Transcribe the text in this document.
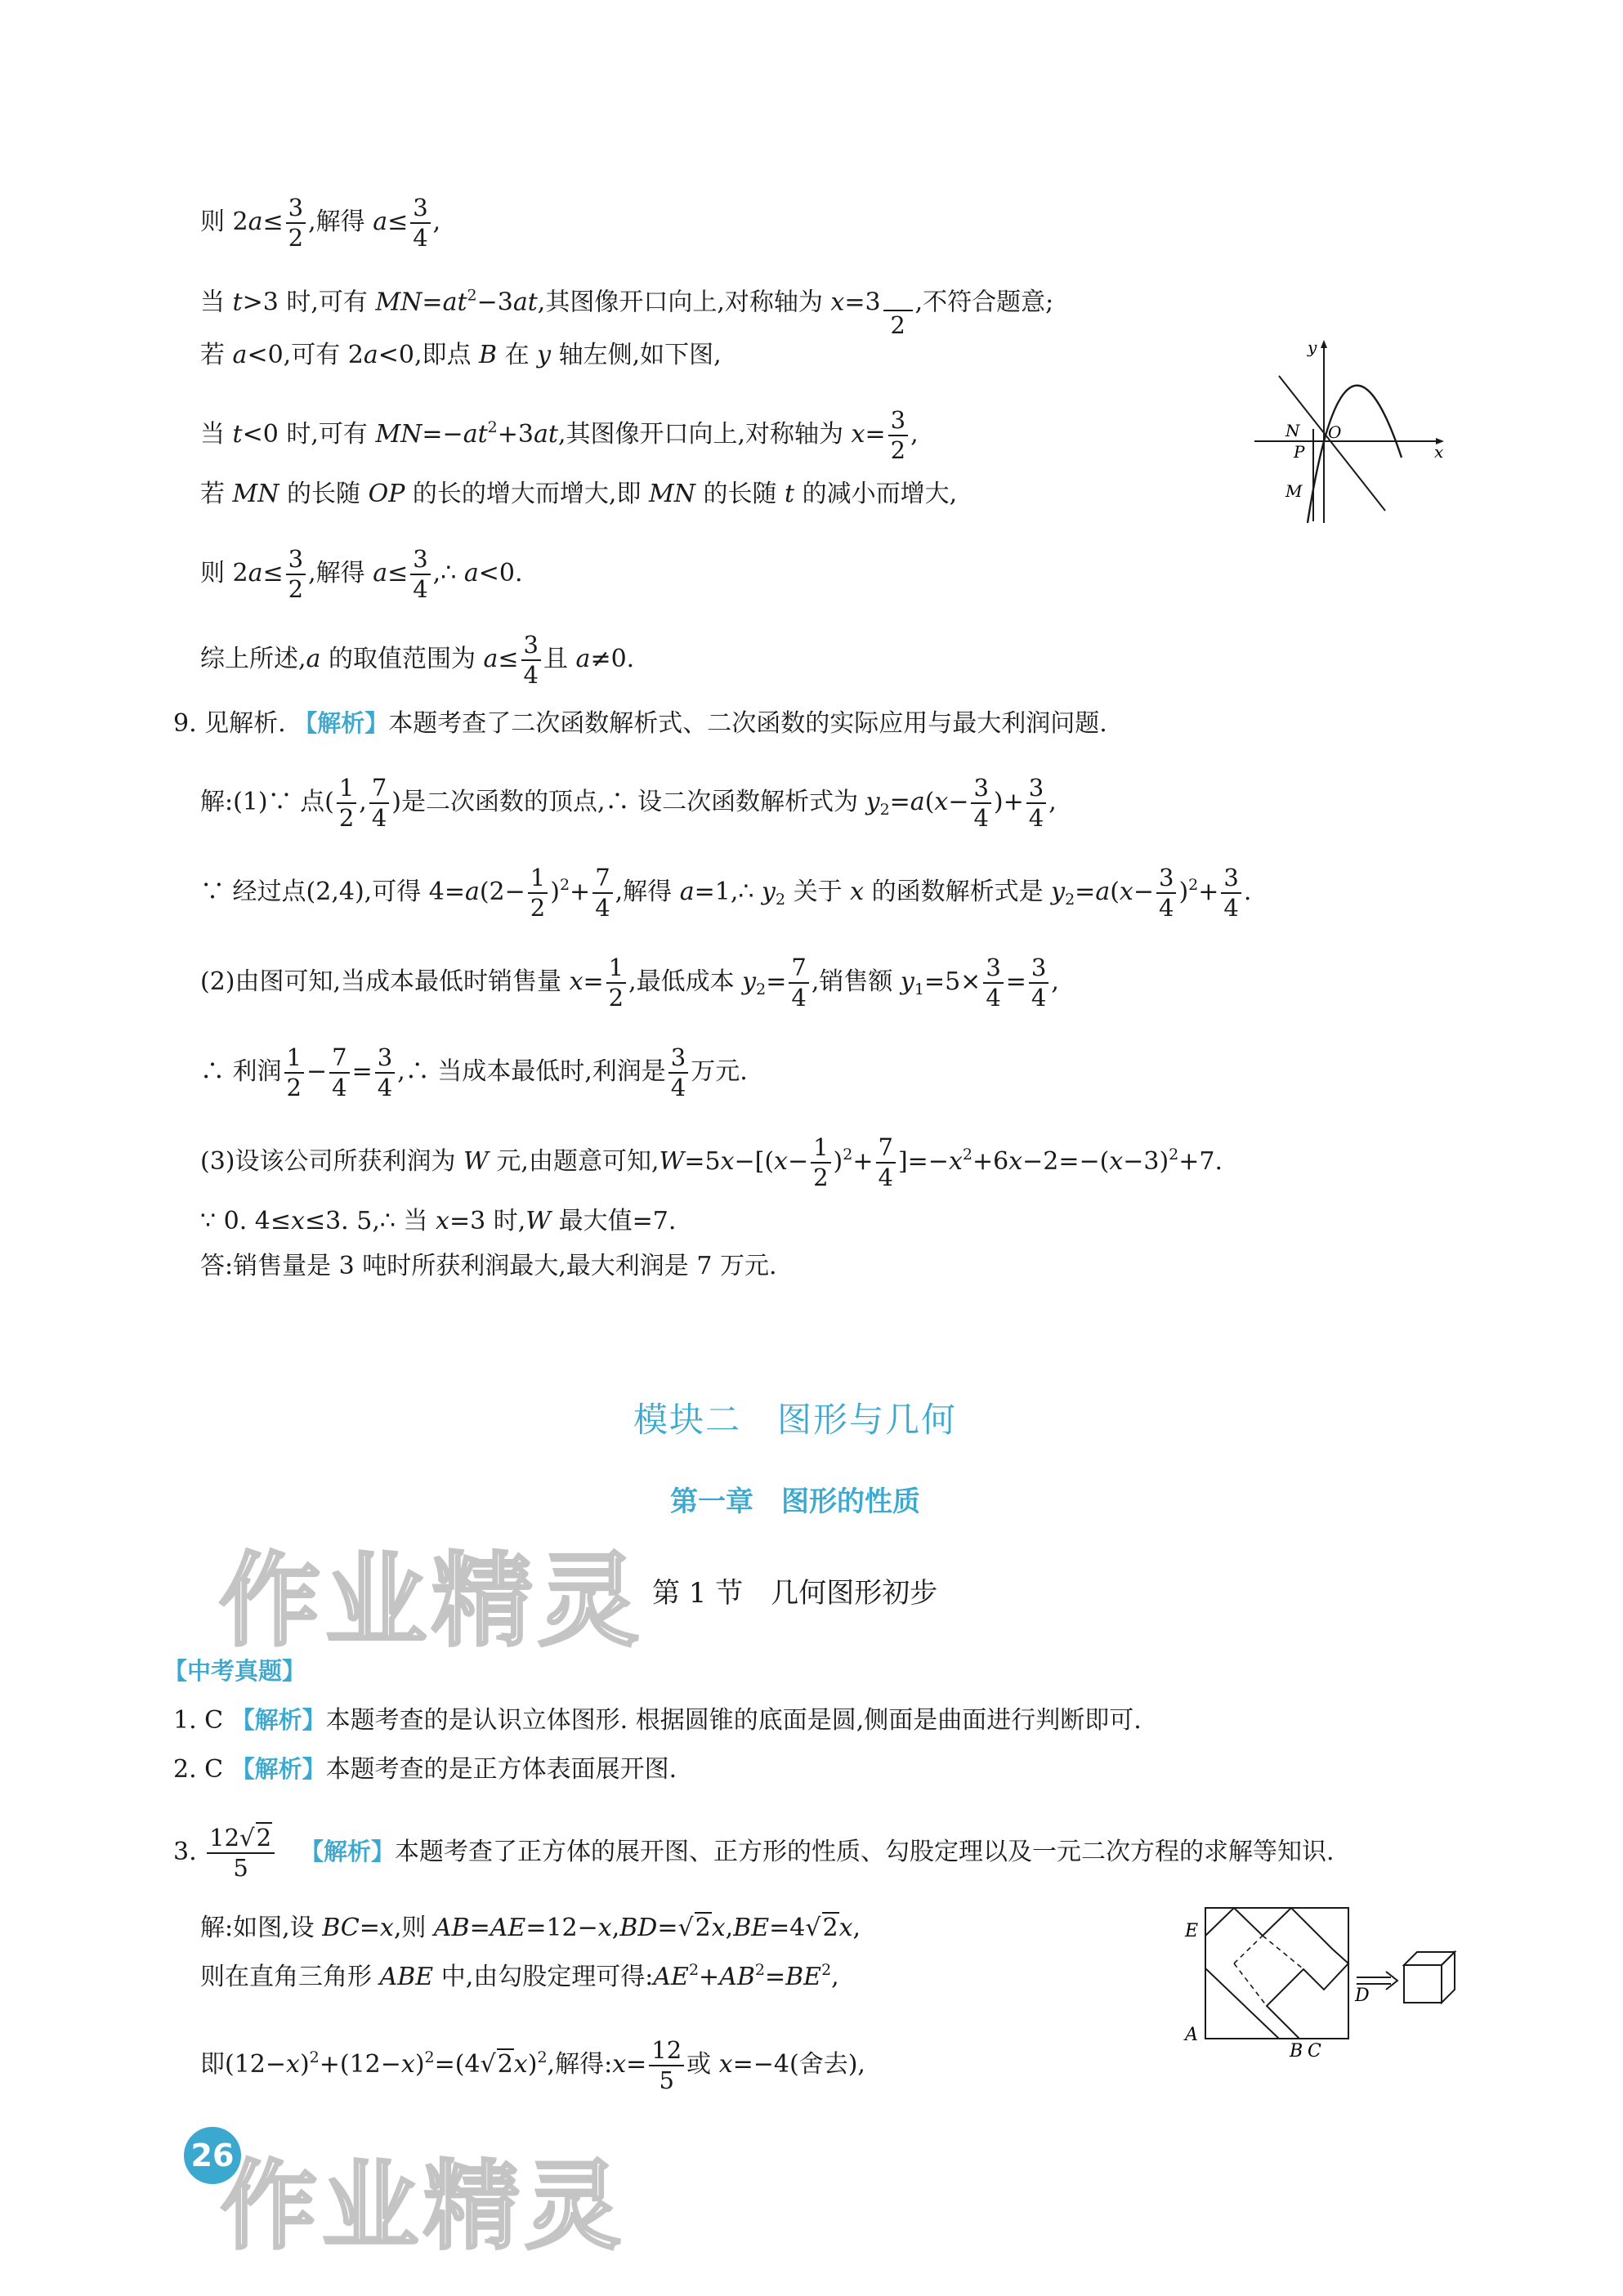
则 $2a\le \frac{3}{2}$ ,解得 $a\le \frac{3}{4}$ ,
当 t>3 时,可有 $MN=at^2-3at$,其图像开口向上,对称轴为 x=3
2
,不符合题意;
若 a<0,可有 2a<0,即点 B 在 y 轴左侧,如下图,
当 t<0 时,可有 $MN=-at^2+3at$,其图像开口向上,对称轴为 $x= \frac{3}{2}$ ,
若 MN 的长随 OP 的长的增大而增大,即 MN 的长随 t 的减小而增大,
则 $2a\le \frac{3}{2}$ ,解得 $a\le \frac{3}{4}$ ,∴ a<0.
综上所述,a 的取值范围为 $a\le \frac{3}{4}$ 且 a≠0.
y
x
N O
P
M
9. 见解析. 【解析】本题考查了二次函数解析式、二次函数的实际应用与最大利润问题.
解:(1)∵ 点( $\frac{1}{2}$ , $\frac{7}{4}$ )是二次函数的顶点,∴ 设二次函数解析式为 $y_2=a(x- \frac{3}{4}$ )+ $\frac{3}{4}$ ,
∵ 经过点(2,4),可得 $4=a(2- \frac{1}{2} )^2+ \frac{7}{4}$ ,解得 a=1,∴ $y_2$ 关于 x 的函数解析式是 $y_2=a(x- \frac{3}{4} )^2+ \frac{3}{4}$ .
(2)由图可知,当成本最低时销售量 $x= \frac{1}{2}$ ,最低成本 $y_2= \frac{7}{4}$ ,销售额 $y_1=5\times \frac{3}{4} = \frac{3}{4}$ ,
∴ 利润 $\frac{1}{2} - \frac{7}{4} = \frac{3}{4}$ ,∴ 当成本最低时,利润是 $\frac{3}{4}$ 万元.
(3)设该公司所获利润为 W 元,由题意可知$,W=5x-[(x- \frac{1}{2} )^2+ \frac{7}{4} ]=-x^2+6x-2=-(x-3)^2+7$.
∵ 0. 4≤x≤3. 5,∴ 当 x=3 时,W 最大值=7.
答:销售量是 3 吨时所获利润最大,最大利润是 7 万元.
模块二　图形与几何
第一章　图形的性质
作业精灵 第 1 节　几何图形初步
【中考真题】
1. C 【解析】本题考查的是认识立体图形. 根据圆锥的底面是圆,侧面是曲面进行判断即可.
2. C 【解析】本题考查的是正方体表面展开图.
3. $\frac{12√2}{5}$ 【解析】本题考查了正方体的展开图、正方形的性质、勾股定理以及一元二次方程的求解等知识.
解:如图,设 BC=x,则 AB=AE=12−x,BD=√2x,BE=4√2x,
则在直角三角形 ABE 中,由勾股定理可得$:AE^2+AB^2=BE^2$,
即$(12-x)^2+(12-x)^2=(4√2x)^2$,解得:x= $\frac{12}{5}$ 或 x=−4(舍去),
E
D
A
B C
26
作业精灵
